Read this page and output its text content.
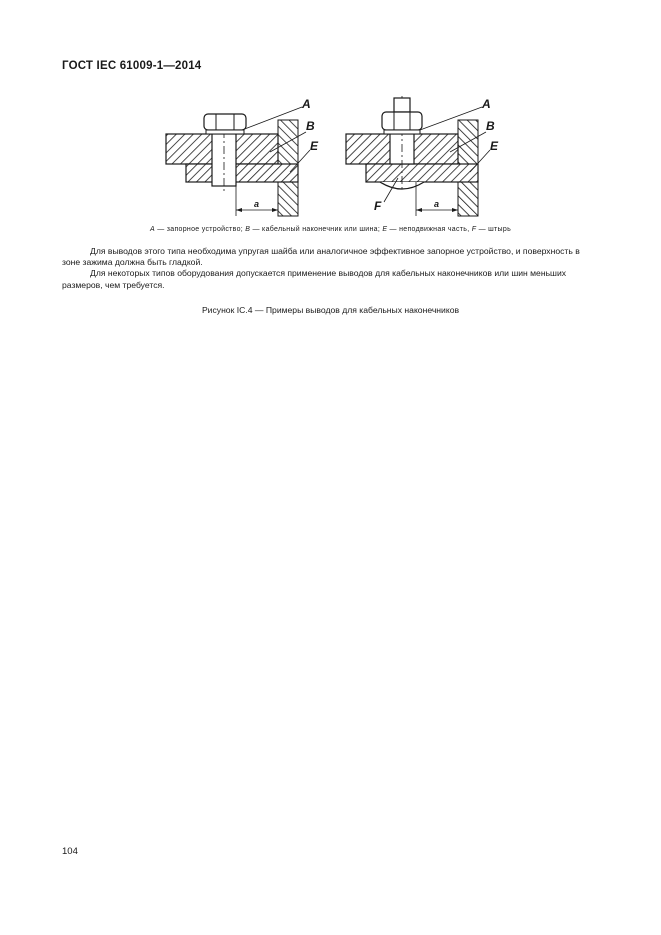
ГОСТ IEC 61009-1—2014
a
A
B
E
a
A
B
E
F
A — запорное устройство; B — кабельный наконечник или шина; E — неподвижная часть, F — штырь

Для выводов этого типа необходима упругая шайба или аналогичное эффективное запорное устройство, и поверхность в зоне зажима должна быть гладкой.

Для некоторых типов оборудования допускается применение выводов для кабельных наконечников или шин меньших размеров, чем требуется.

Рисунок IC.4 — Примеры выводов для кабельных наконечников
104
